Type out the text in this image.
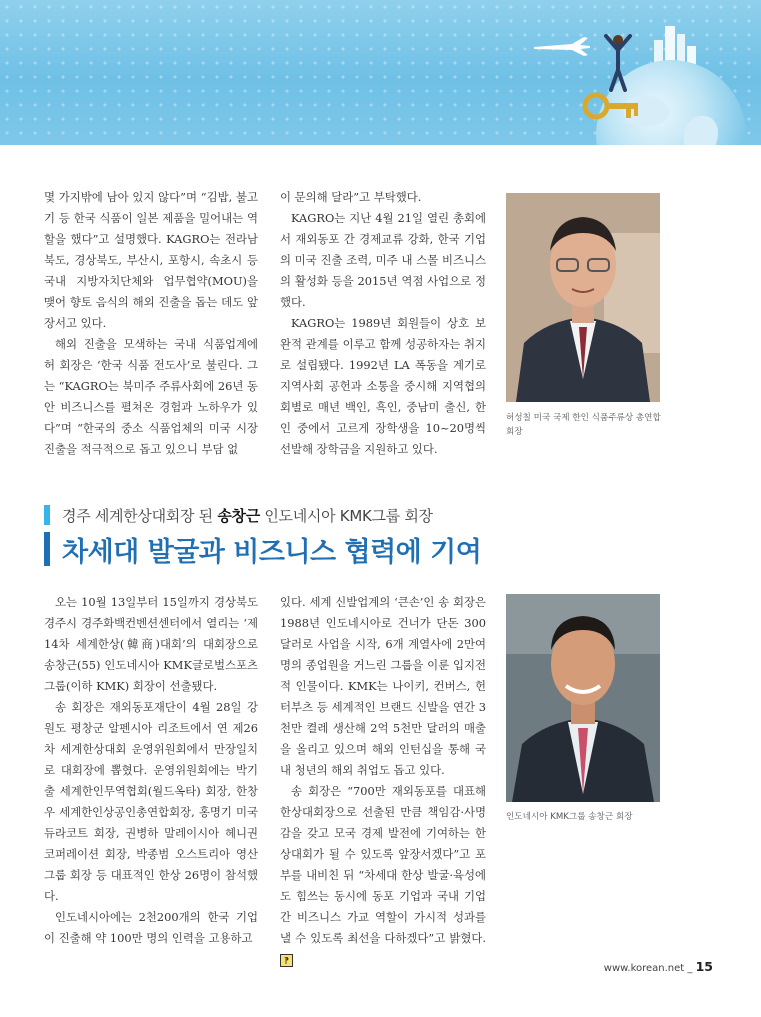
몇 가지밖에 남아 있지 않다”며 “김밥, 불고기 등 한국 식품이 일본 제품을 밀어내는 역할을 했다”고 설명했다. KAGRO는 전라남북도, 경상북도, 부산시, 포항시, 속초시 등 국내 지방자치단체와 업무협약(MOU)을 맺어 향토 음식의 해외 진출을 돕는 데도 앞장서고 있다.

해외 진출을 모색하는 국내 식품업계에 허 회장은 ‘한국 식품 전도사’로 불린다. 그는 “KAGRO는 북미주 주류사회에 26년 동안 비즈니스를 펼쳐온 경험과 노하우가 있다”며 “한국의 중소 식품업체의 미국 시장 진출을 적극적으로 돕고 있으니 부담 없

이 문의해 달라”고 부탁했다.

KAGRO는 지난 4월 21일 열린 총회에서 재외동포 간 경제교류 강화, 한국 기업의 미국 진출 조력, 미주 내 스몰 비즈니스의 활성화 등을 2015년 역점 사업으로 정했다.

KAGRO는 1989년 회원들이 상호 보완적 관계를 이루고 함께 성공하자는 취지로 설립됐다. 1992년 LA 폭동을 계기로 지역사회 공헌과 소통을 중시해 지역협의회별로 매년 백인, 흑인, 중남미 출신, 한인 중에서 고르게 장학생을 10~20명씩 선발해 장학금을 지원하고 있다.

허성칠 미국 국제 한인 식품주류상 총연합회장
경주 세계한상대회장 된 송창근 인도네시아 KMK그룹 회장
차세대 발굴과 비즈니스 협력에 기여

오는 10월 13일부터 15일까지 경상북도 경주시 경주화백컨벤션센터에서 열리는 ‘제14차 세계한상(韓商)대회’의 대회장으로 송창근(55) 인도네시아 KMK글로벌스포츠그룹(이하 KMK) 회장이 선출됐다.

송 회장은 재외동포재단이 4월 28일 강원도 평창군 알펜시아 리조트에서 연 제26차 세계한상대회 운영위원회에서 만장일치로 대회장에 뽑혔다. 운영위원회에는 박기출 세계한인무역협회(월드옥타) 회장, 한창우 세계한인상공인총연합회장, 홍명기 미국 듀라코트 회장, 권병하 말레이시아 헤니권코퍼레이션 회장, 박종범 오스트리아 영산그룹 회장 등 대표적인 한상 26명이 참석했다.

인도네시아에는 2천200개의 한국 기업이 진출해 약 100만 명의 인력을 고용하고

있다. 세계 신발업계의 ‘큰손’인 송 회장은 1988년 인도네시아로 건너가 단돈 300달러로 사업을 시작, 6개 계열사에 2만여 명의 종업원을 거느린 그룹을 이룬 입지전적 인물이다. KMK는 나이키, 컨버스, 헌터부츠 등 세계적인 브랜드 신발을 연간 3천만 켤레 생산해 2억 5천만 달러의 매출을 올리고 있으며 해외 인턴십을 통해 국내 청년의 해외 취업도 돕고 있다.

송 회장은 “700만 재외동포를 대표해 한상대회장으로 선출된 만큼 책임감·사명감을 갖고 모국 경제 발전에 기여하는 한상대회가 될 수 있도록 앞장서겠다”고 포부를 내비친 뒤 “차세대 한상 발굴·육성에도 힘쓰는 동시에 동포 기업과 국내 기업 간 비즈니스 가교 역할이 가시적 성과를 낼 수 있도록 최선을 다하겠다”고 밝혔다. ⁋

인도네시아 KMK그룹 송창근 회장
www.korean.net _ 15
